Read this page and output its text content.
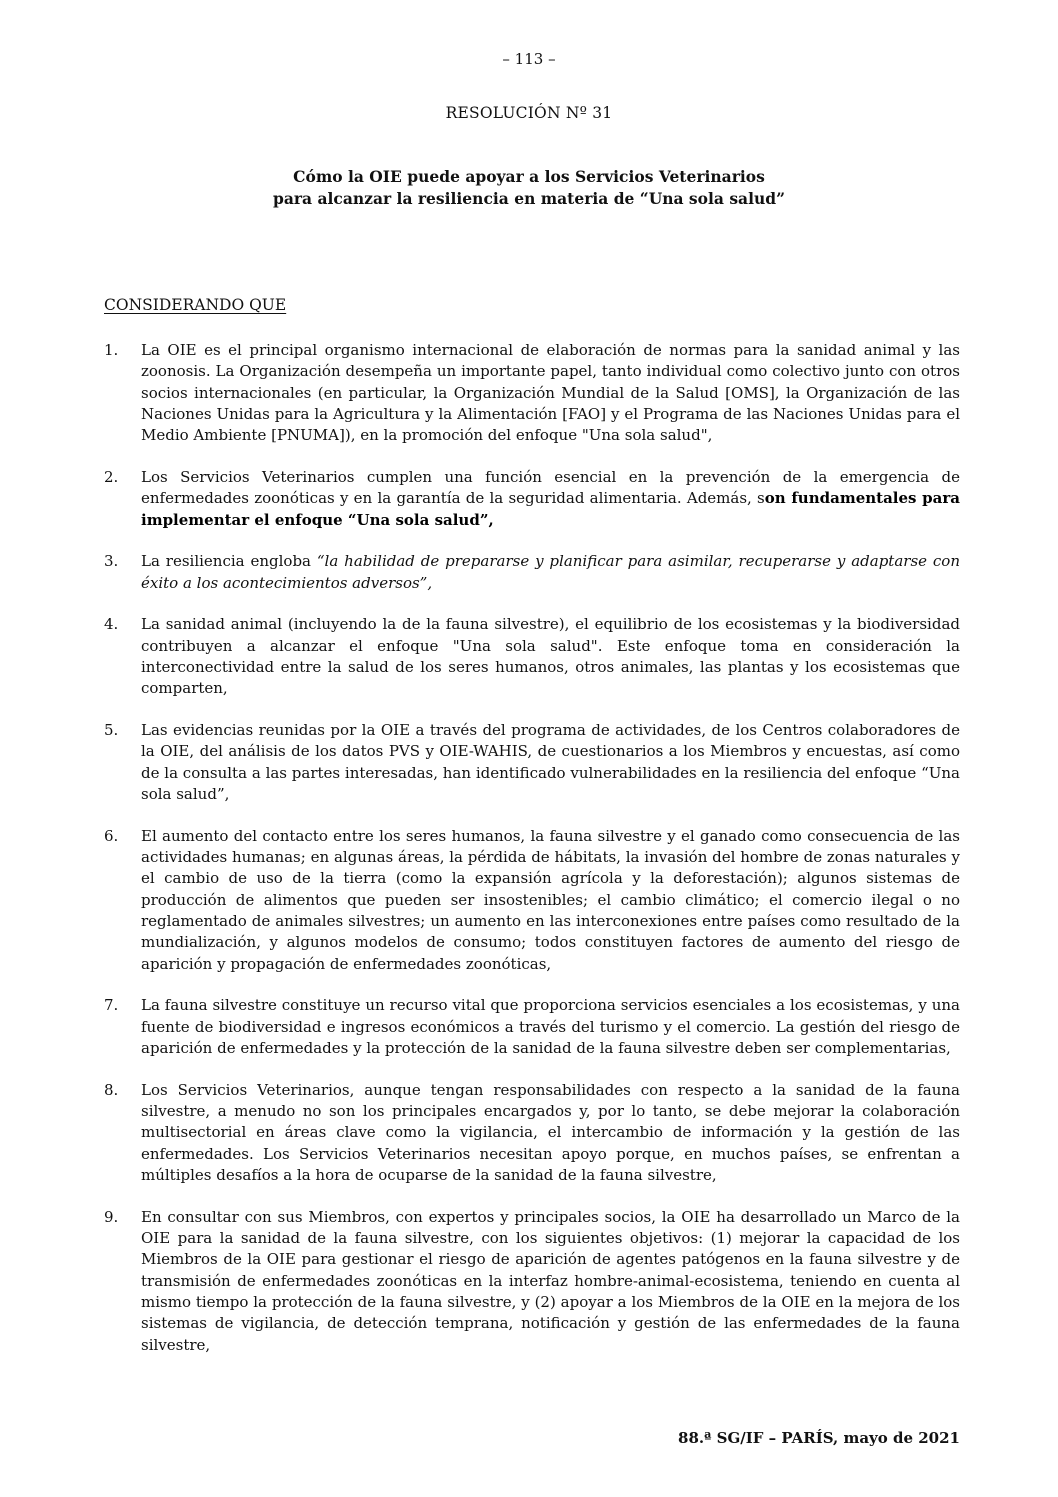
– 113 –
RESOLUCIÓN Nº 31
Cómo la OIE puede apoyar a los Servicios Veterinarios
para alcanzar la resiliencia en materia de “Una sola salud”
CONSIDERANDO QUE
1.	La OIE es el principal organismo internacional de elaboración de normas para la sanidad animal y las zoonosis. La Organización desempeña un importante papel, tanto individual como colectivo junto con otros socios internacionales (en particular, la Organización Mundial de la Salud [OMS], la Organización de las Naciones Unidas para la Agricultura y la Alimentación [FAO] y el Programa de las Naciones Unidas para el Medio Ambiente [PNUMA]), en la promoción del enfoque "Una sola salud",
2.	Los Servicios Veterinarios cumplen una función esencial en la prevención de la emergencia de enfermedades zoonóticas y en la garantía de la seguridad alimentaria. Además, son fundamentales para implementar el enfoque “Una sola salud”,
3.	La resiliencia engloba “la habilidad de prepararse y planificar para asimilar, recuperarse y adaptarse con éxito a los acontecimientos adversos”,
4.	La sanidad animal (incluyendo la de la fauna silvestre), el equilibrio de los ecosistemas y la biodiversidad contribuyen a alcanzar el enfoque "Una sola salud". Este enfoque toma en consideración la interconectividad entre la salud de los seres humanos, otros animales, las plantas y los ecosistemas que comparten,
5.	Las evidencias reunidas por la OIE a través del programa de actividades, de los Centros colaboradores de la OIE, del análisis de los datos PVS y OIE-WAHIS, de cuestionarios a los Miembros y encuestas, así como de la consulta a las partes interesadas, han identificado vulnerabilidades en la resiliencia del enfoque “Una sola salud”,
6.	El aumento del contacto entre los seres humanos, la fauna silvestre y el ganado como consecuencia de las actividades humanas; en algunas áreas, la pérdida de hábitats, la invasión del hombre de zonas naturales y el cambio de uso de la tierra (como la expansión agrícola y la deforestación); algunos sistemas de producción de alimentos que pueden ser insostenibles; el cambio climático; el comercio ilegal o no reglamentado de animales silvestres; un aumento en las interconexiones entre países como resultado de la mundialización, y algunos modelos de consumo; todos constituyen factores de aumento del riesgo de aparición y propagación de enfermedades zoonóticas,
7.	La fauna silvestre constituye un recurso vital que proporciona servicios esenciales a los ecosistemas, y una fuente de biodiversidad e ingresos económicos a través del turismo y el comercio. La gestión del riesgo de aparición de enfermedades y la protección de la sanidad de la fauna silvestre deben ser complementarias,
8.	Los Servicios Veterinarios, aunque tengan responsabilidades con respecto a la sanidad de la fauna silvestre, a menudo no son los principales encargados y, por lo tanto, se debe mejorar la colaboración multisectorial en áreas clave como la vigilancia, el intercambio de información y la gestión de las enfermedades. Los Servicios Veterinarios necesitan apoyo porque, en muchos países, se enfrentan a múltiples desafíos a la hora de ocuparse de la sanidad de la fauna silvestre,
9.	En consultar con sus Miembros, con expertos y principales socios, la OIE ha desarrollado un Marco de la OIE para la sanidad de la fauna silvestre, con los siguientes objetivos: (1) mejorar la capacidad de los Miembros de la OIE para gestionar el riesgo de aparición de agentes patógenos en la fauna silvestre y de transmisión de enfermedades zoonóticas en la interfaz hombre-animal-ecosistema, teniendo en cuenta al mismo tiempo la protección de la fauna silvestre, y (2) apoyar a los Miembros de la OIE en la mejora de los sistemas de vigilancia, de detección temprana, notificación y gestión de las enfermedades de la fauna silvestre,
88.ª SG/IF – PARÍS, mayo de 2021
